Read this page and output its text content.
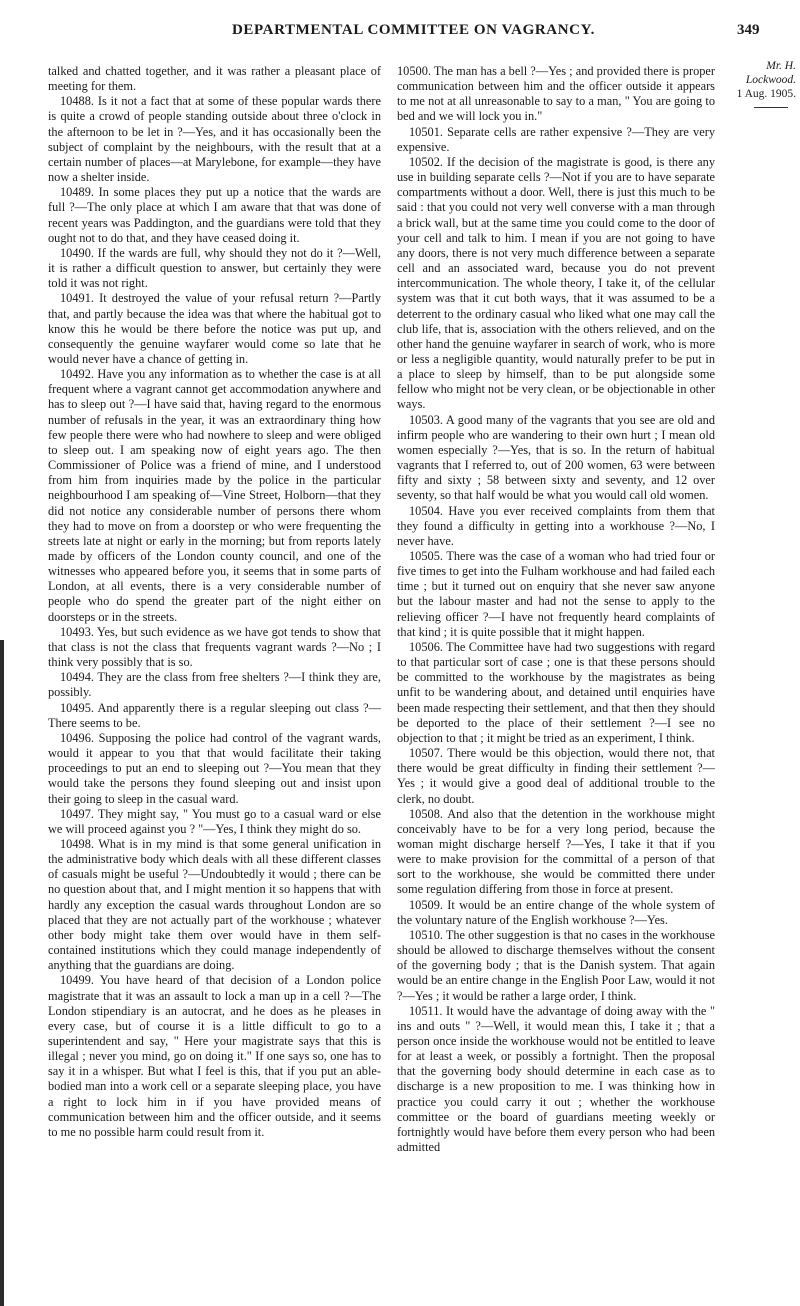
DEPARTMENTAL COMMITTEE ON VAGRANCY.	349

talked and chatted together, and it was rather a pleasant place of meeting for them.

10488. Is it not a fact that at some of these popular wards there is quite a crowd of people standing outside about three o'clock in the afternoon to be let in ?—Yes, and it has occasionally been the subject of complaint by the neighbours, with the result that at a certain number of places—at Marylebone, for example—they have now a shelter inside.

10489. In some places they put up a notice that the wards are full ?—The only place at which I am aware that that was done of recent years was Paddington, and the guardians were told that they ought not to do that, and they have ceased doing it.

10490. If the wards are full, why should they not do it ?—Well, it is rather a difficult question to answer, but certainly they were told it was not right.

10491. It destroyed the value of your refusal return ?—Partly that, and partly because the idea was that where the habitual got to know this he would be there before the notice was put up, and consequently the genuine wayfarer would come so late that he would never have a chance of getting in.

10492. Have you any information as to whether the case is at all frequent where a vagrant cannot get accommodation anywhere and has to sleep out ?—I have said that, having regard to the enormous number of refusals in the year, it was an extraordinary thing how few people there were who had nowhere to sleep and were obliged to sleep out. I am speaking now of eight years ago. The then Commissioner of Police was a friend of mine, and I understood from him from inquiries made by the police in the particular neighbourhood I am speaking of—Vine Street, Holborn—that they did not notice any considerable number of persons there whom they had to move on from a doorstep or who were frequenting the streets late at night or early in the morning; but from reports lately made by officers of the London county council, and one of the witnesses who appeared before you, it seems that in some parts of London, at all events, there is a very considerable number of people who do spend the greater part of the night either on doorsteps or in the streets.

10493. Yes, but such evidence as we have got tends to show that that class is not the class that frequents vagrant wards ?—No ; I think very possibly that is so.

10494. They are the class from free shelters ?—I think they are, possibly.

10495. And apparently there is a regular sleeping out class ?—There seems to be.

10496. Supposing the police had control of the vagrant wards, would it appear to you that that would facilitate their taking proceedings to put an end to sleeping out ?—You mean that they would take the persons they found sleeping out and insist upon their going to sleep in the casual ward.

10497. They might say, " You must go to a casual ward or else we will proceed against you ? "—Yes, I think they might do so.

10498. What is in my mind is that some general unification in the administrative body which deals with all these different classes of casuals might be useful ?—Undoubtedly it would ; there can be no question about that, and I might mention it so happens that with hardly any exception the casual wards throughout London are so placed that they are not actually part of the workhouse ; whatever other body might take them over would have in them self-contained institutions which they could manage independently of anything that the guardians are doing.

10499. You have heard of that decision of a London police magistrate that it was an assault to lock a man up in a cell ?—The London stipendiary is an autocrat, and he does as he pleases in every case, but of course it is a little difficult to go to a superintendent and say, " Here your magistrate says that this is illegal ; never you mind, go on doing it." If one says so, one has to say it in a whisper. But what I feel is this, that if you put an able-bodied man into a work cell or a separate sleeping place, you have a right to lock him in if you have provided means of communication between him and the officer outside, and it seems to me no possible harm could result from it.

10500. The man has a bell ?—Yes ; and provided there is proper communication between him and the officer outside it appears to me not at all unreasonable to say to a man, " You are going to bed and we will lock you in."

10501. Separate cells are rather expensive ?—They are very expensive.

10502. If the decision of the magistrate is good, is there any use in building separate cells ?—Not if you are to have separate compartments without a door. Well, there is just this much to be said : that you could not very well converse with a man through a brick wall, but at the same time you could come to the door of your cell and talk to him. I mean if you are not going to have any doors, there is not very much difference between a separate cell and an associated ward, because you do not prevent intercommunication. The whole theory, I take it, of the cellular system was that it cut both ways, that it was assumed to be a deterrent to the ordinary casual who liked what one may call the club life, that is, association with the others relieved, and on the other hand the genuine wayfarer in search of work, who is more or less a negligible quantity, would naturally prefer to be put in a place to sleep by himself, than to be put alongside some fellow who might not be very clean, or be objectionable in other ways.

10503. A good many of the vagrants that you see are old and infirm people who are wandering to their own hurt ; I mean old women especially ?—Yes, that is so. In the return of habitual vagrants that I referred to, out of 200 women, 63 were between fifty and sixty ; 58 between sixty and seventy, and 12 over seventy, so that half would be what you would call old women.

10504. Have you ever received complaints from them that they found a difficulty in getting into a workhouse ?—No, I never have.

10505. There was the case of a woman who had tried four or five times to get into the Fulham workhouse and had failed each time ; but it turned out on enquiry that she never saw anyone but the labour master and had not the sense to apply to the relieving officer ?—I have not frequently heard complaints of that kind ; it is quite possible that it might happen.

10506. The Committee have had two suggestions with regard to that particular sort of case ; one is that these persons should be committed to the workhouse by the magistrates as being unfit to be wandering about, and detained until enquiries have been made respecting their settlement, and that then they should be deported to the place of their settlement ?—I see no objection to that ; it might be tried as an experiment, I think.

10507. There would be this objection, would there not, that there would be great difficulty in finding their settlement ?—Yes ; it would give a good deal of additional trouble to the clerk, no doubt.

10508. And also that the detention in the workhouse might conceivably have to be for a very long period, because the woman might discharge herself ?—Yes, I take it that if you were to make provision for the committal of a person of that sort to the workhouse, she would be committed there under some regulation differing from those in force at present.

10509. It would be an entire change of the whole system of the voluntary nature of the English workhouse ?—Yes.

10510. The other suggestion is that no cases in the workhouse should be allowed to discharge themselves without the consent of the governing body ; that is the Danish system. That again would be an entire change in the English Poor Law, would it not ?—Yes ; it would be rather a large order, I think.

10511. It would have the advantage of doing away with the " ins and outs " ?—Well, it would mean this, I take it ; that a person once inside the workhouse would not be entitled to leave for at least a week, or possibly a fortnight. Then the proposal that the governing body should determine in each case as to discharge is a new proposition to me. I was thinking how in practice you could carry it out ; whether the workhouse committee or the board of guardians meeting weekly or fortnightly would have before them every person who had been admitted

Mr. H.
Lockwood.
1 Aug. 1905.
